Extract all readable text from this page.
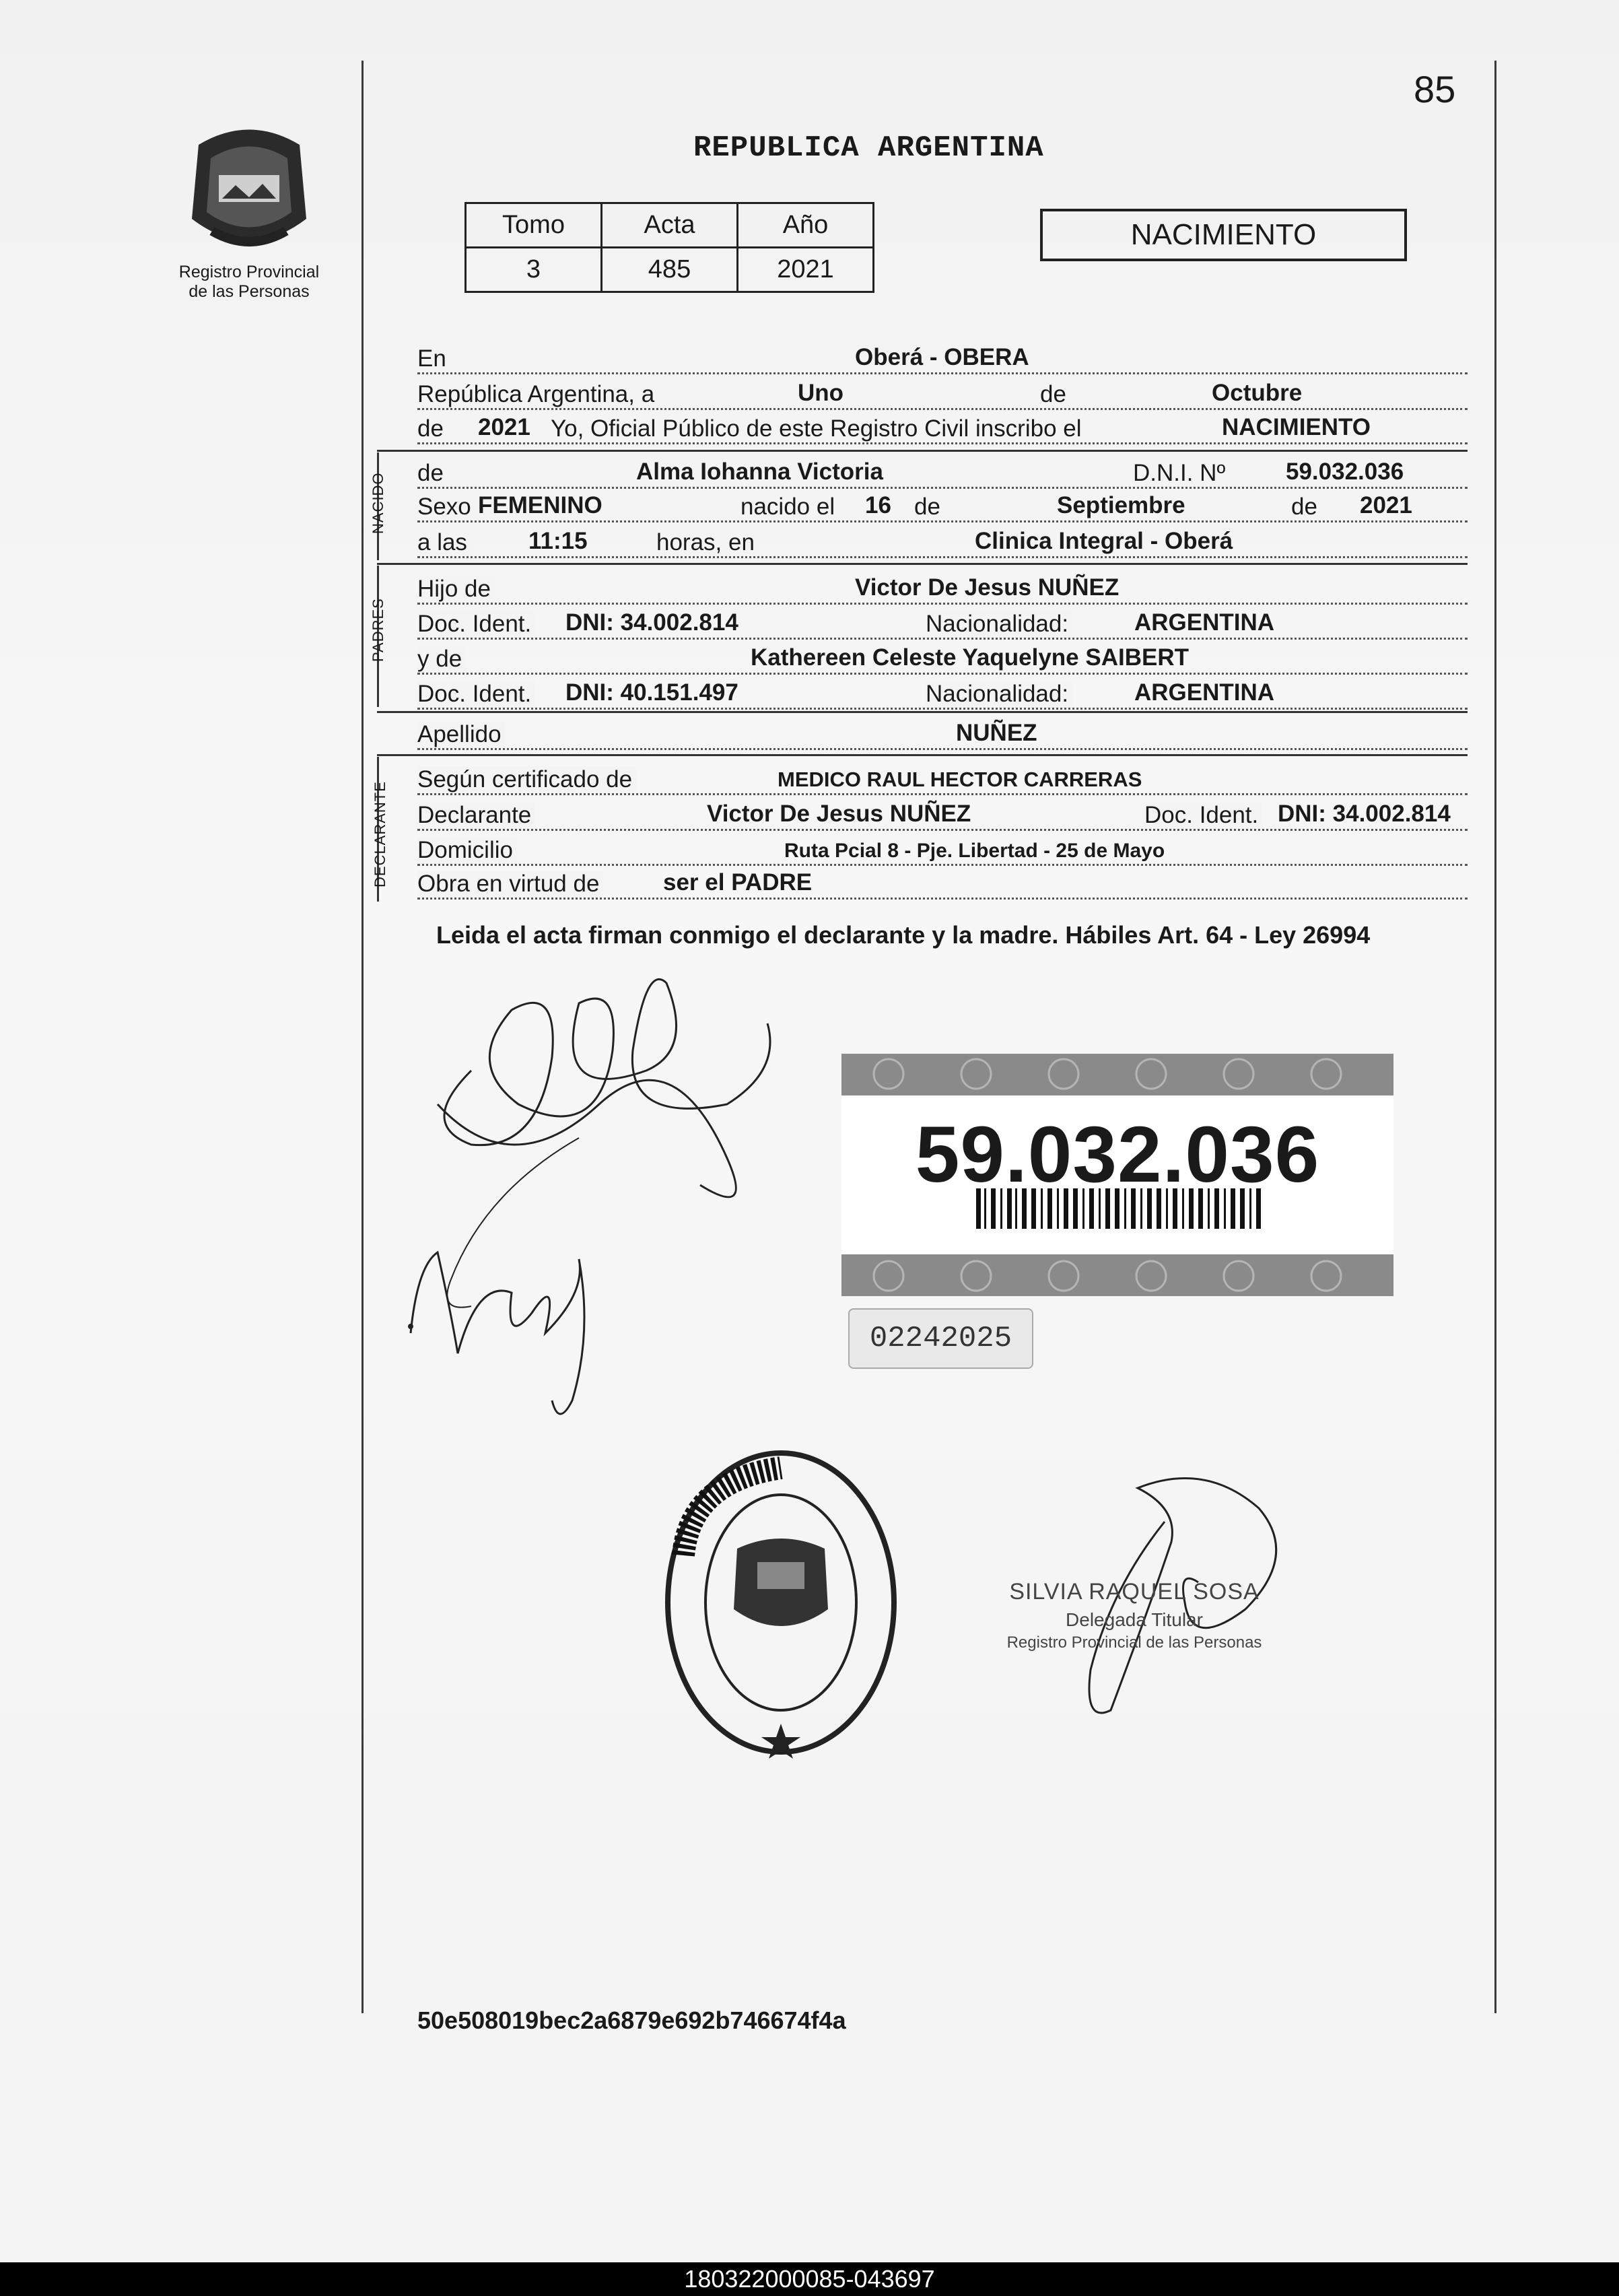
85
Registro Provincial
de las Personas
REPUBLICA ARGENTINA
Tomo	Acta	Año
3	485	2021
NACIMIENTO
En	Oberá - OBERA
República Argentina, a	Uno	de	Octubre
de 2021 Yo, Oficial Público de este Registro Civil inscribo el	NACIMIENTO
NACIDO de	Alma Iohanna Victoria	D.N.I. Nº	59.032.036
Sexo FEMENINO	nacido el 16 de	Septiembre	de 2021
a las	11:15	horas, en	Clinica Integral - Oberá
PADRES
Hijo de	Victor De Jesus NUÑEZ
Doc. Ident. DNI: 34.002.814	Nacionalidad:	ARGENTINA
y de	Kathereen Celeste Yaquelyne SAIBERT
Doc. Ident. DNI: 40.151.497	Nacionalidad:	ARGENTINA
Apellido	NUÑEZ
DECLARANTE
Según certificado de	MEDICO RAUL HECTOR CARRERAS
Declarante	Victor De Jesus NUÑEZ	Doc. Ident. DNI: 34.002.814
Domicilio	Ruta Pcial 8 - Pje. Libertad - 25 de Mayo
Obra en virtud de	ser el PADRE
Leida el acta firman conmigo el declarante y la madre. Hábiles Art. 64 - Ley 26994
59.032.036
02242025
SILVIA RAQUEL SOSA
Delegada Titular
Registro Provincial de las Personas
50e508019bec2a6879e692b746674f4a
180322000085-043697
